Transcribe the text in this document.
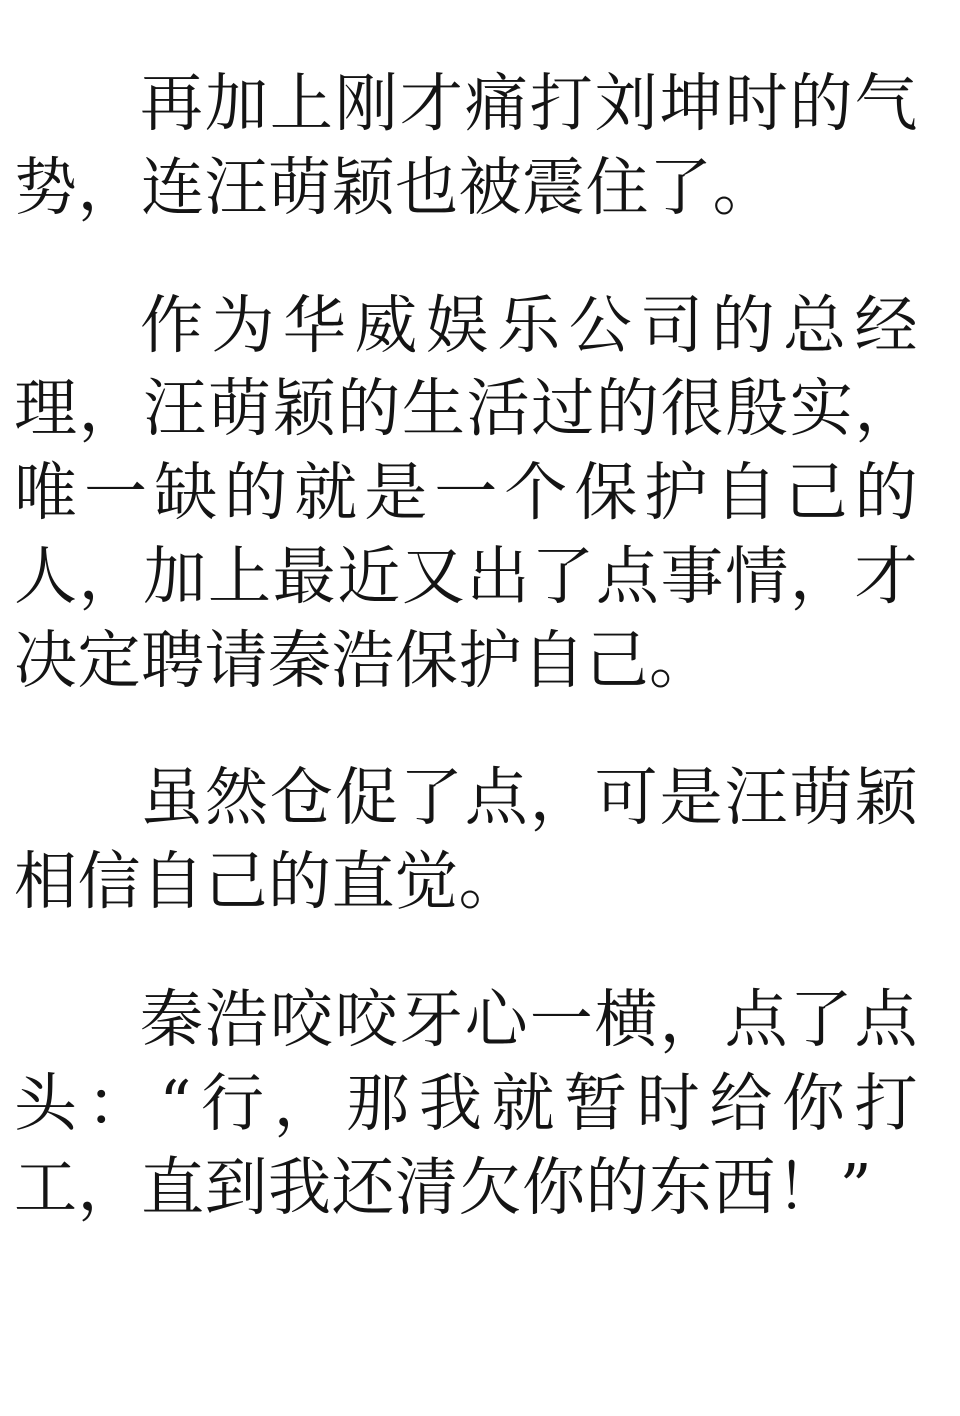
再加上刚才痛打刘坤时的气势，连汪萌颖也被震住了。

作为华威娱乐公司的总经理，汪萌颖的生活过的很殷实，唯一缺的就是一个保护自己的人，加上最近又出了点事情，才决定聘请秦浩保护自己。

虽然仓促了点，可是汪萌颖相信自己的直觉。

秦浩咬咬牙心一横，点了点头：“行，那我就暂时给你打工，直到我还清欠你的东西！”
